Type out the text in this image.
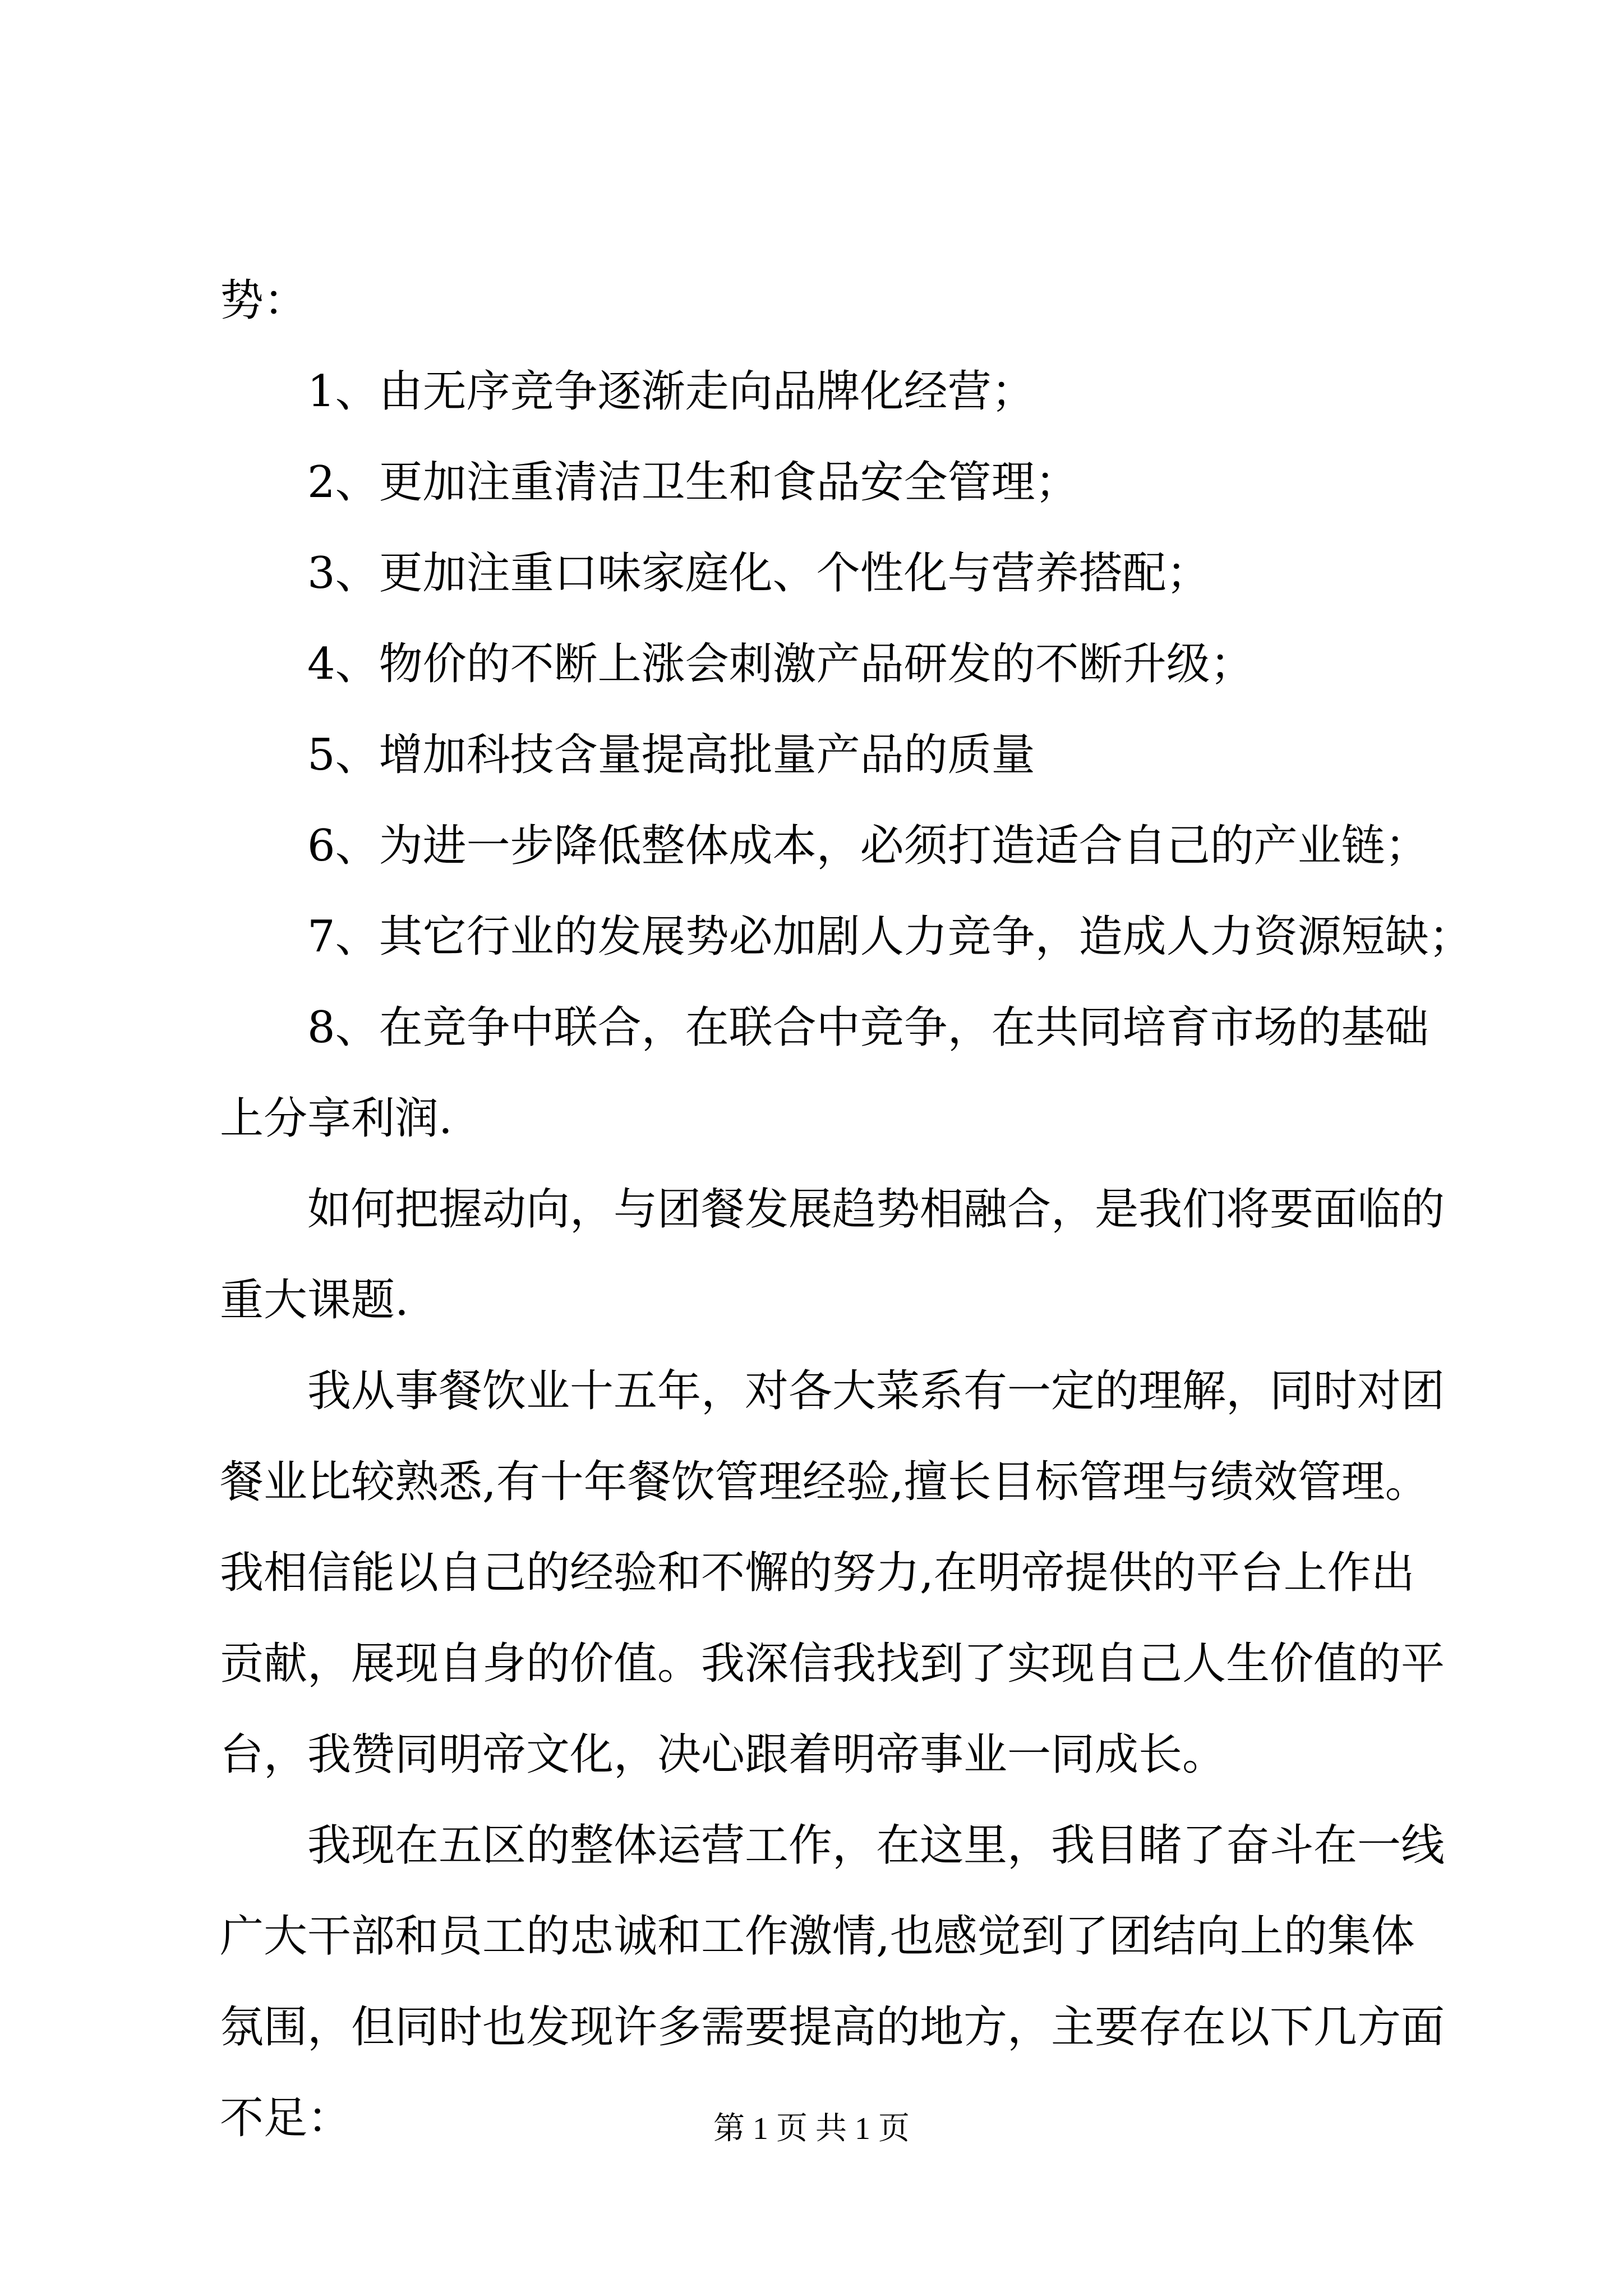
势：
1、由无序竞争逐渐走向品牌化经营；
2、更加注重清洁卫生和食品安全管理；
3、更加注重口味家庭化、个性化与营养搭配；
4、物价的不断上涨会刺激产品研发的不断升级；
5、增加科技含量提高批量产品的质量
6、为进一步降低整体成本，必须打造适合自己的产业链；
7、其它行业的发展势必加剧人力竞争，造成人力资源短缺；
8、在竞争中联合，在联合中竞争，在共同培育市场的基础
上分享利润.
如何把握动向，与团餐发展趋势相融合，是我们将要面临的
重大课题.
我从事餐饮业十五年，对各大菜系有一定的理解，同时对团
餐业比较熟悉,有十年餐饮管理经验,擅长目标管理与绩效管理。
我相信能以自己的经验和不懈的努力,在明帝提供的平台上作出
贡献，展现自身的价值。我深信我找到了实现自己人生价值的平
台，我赞同明帝文化，决心跟着明帝事业一同成长。
我现在五区的整体运营工作，在这里，我目睹了奋斗在一线
广大干部和员工的忠诚和工作激情,也感觉到了团结向上的集体
氛围，但同时也发现许多需要提高的地方，主要存在以下几方面
不足：	第 1 页 共 1 页
